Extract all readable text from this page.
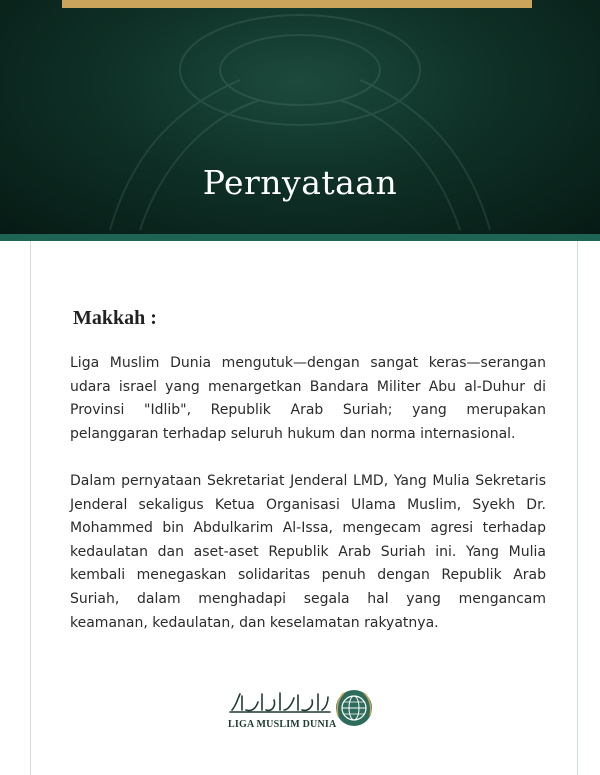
Pernyataan
Makkah :
Liga Muslim Dunia mengutuk—dengan sangat keras—serangan udara israel yang menargetkan Bandara Militer Abu al-Duhur di Provinsi "Idlib", Republik Arab Suriah; yang merupakan pelanggaran terhadap seluruh hukum dan norma internasional.
Dalam pernyataan Sekretariat Jenderal LMD, Yang Mulia Sekretaris Jenderal sekaligus Ketua Organisasi Ulama Muslim, Syekh Dr. Mohammed bin Abdulkarim Al-Issa, mengecam agresi terhadap kedaulatan dan aset-aset Republik Arab Suriah ini. Yang Mulia kembali menegaskan solidaritas penuh dengan Republik Arab Suriah, dalam menghadapi segala hal yang mengancam keamanan, kedaulatan, dan keselamatan rakyatnya.
LIGA MUSLIM DUNIA
